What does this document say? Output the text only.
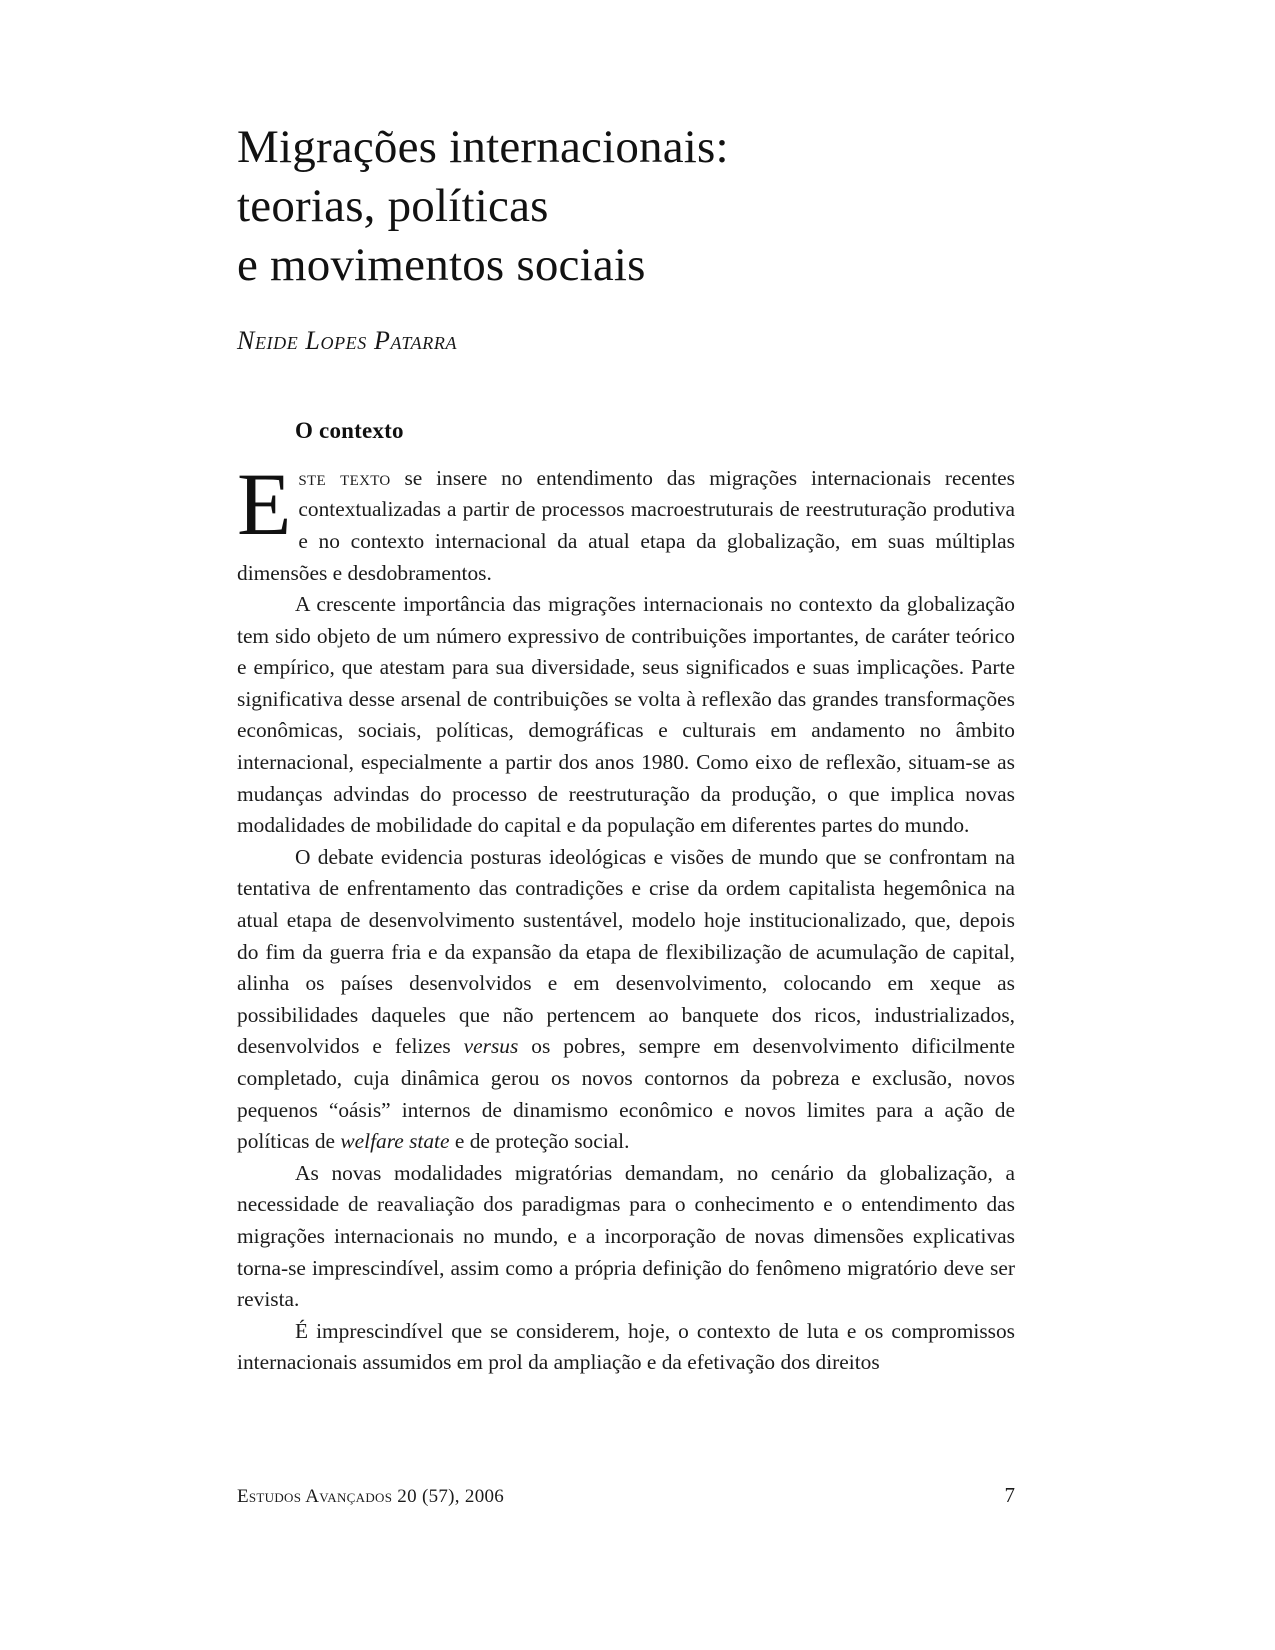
Migrações internacionais:
teorias, políticas
e movimentos sociais
Neide Lopes Patarra
O contexto

Este texto se insere no entendimento das migrações internacionais recentes contextualizadas a partir de processos macroestruturais de reestruturação produtiva e no contexto internacional da atual etapa da globalização, em suas múltiplas dimensões e desdobramentos.

A crescente importância das migrações internacionais no contexto da globalização tem sido objeto de um número expressivo de contribuições importantes, de caráter teórico e empírico, que atestam para sua diversidade, seus significados e suas implicações. Parte significativa desse arsenal de contribuições se volta à reflexão das grandes transformações econômicas, sociais, políticas, demográficas e culturais em andamento no âmbito internacional, especialmente a partir dos anos 1980. Como eixo de reflexão, situam-se as mudanças advindas do processo de reestruturação da produção, o que implica novas modalidades de mobilidade do capital e da população em diferentes partes do mundo.

O debate evidencia posturas ideológicas e visões de mundo que se confrontam na tentativa de enfrentamento das contradições e crise da ordem capitalista hegemônica na atual etapa de desenvolvimento sustentável, modelo hoje institucionalizado, que, depois do fim da guerra fria e da expansão da etapa de flexibilização de acumulação de capital, alinha os países desenvolvidos e em desenvolvimento, colocando em xeque as possibilidades daqueles que não pertencem ao banquete dos ricos, industrializados, desenvolvidos e felizes versus os pobres, sempre em desenvolvimento dificilmente completado, cuja dinâmica gerou os novos contornos da pobreza e exclusão, novos pequenos “oásis” internos de dinamismo econômico e novos limites para a ação de políticas de welfare state e de proteção social.

As novas modalidades migratórias demandam, no cenário da globalização, a necessidade de reavaliação dos paradigmas para o conhecimento e o entendimento das migrações internacionais no mundo, e a incorporação de novas dimensões explicativas torna-se imprescindível, assim como a própria definição do fenômeno migratório deve ser revista.

É imprescindível que se considerem, hoje, o contexto de luta e os compromissos internacionais assumidos em prol da ampliação e da efetivação dos direitos

Estudos Avançados 20 (57), 2006	7
